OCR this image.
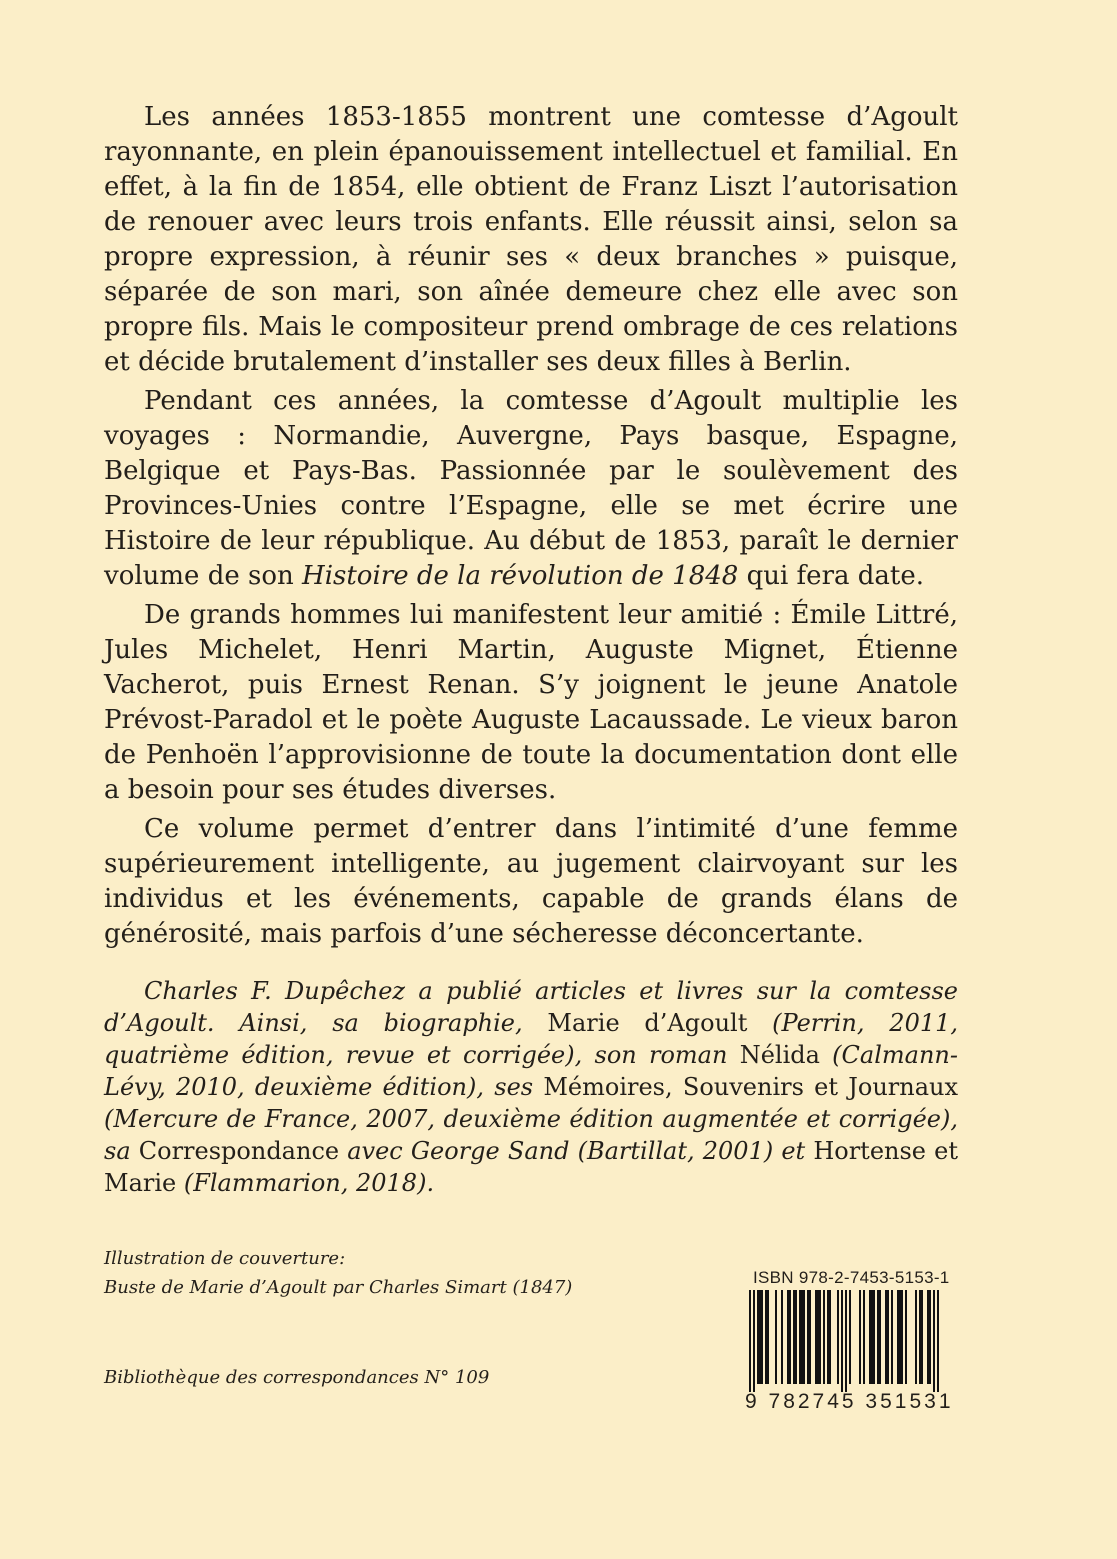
Les années 1853-1855 montrent une comtesse d’Agoult rayonnante, en plein épanouissement intellectuel et familial. En effet, à la fin de 1854, elle obtient de Franz Liszt l’autorisation de renouer avec leurs trois enfants. Elle réussit ainsi, selon sa propre expression, à réunir ses « deux branches » puisque, séparée de son mari, son aînée demeure chez elle avec son propre fils. Mais le compositeur prend ombrage de ces relations et décide brutalement d’installer ses deux filles à Berlin.

Pendant ces années, la comtesse d’Agoult multiplie les voyages : Normandie, Auvergne, Pays basque, Espagne, Belgique et Pays-Bas. Passionnée par le soulèvement des Provinces-Unies contre l’Espagne, elle se met écrire une Histoire de leur république. Au début de 1853, paraît le dernier volume de son Histoire de la révolution de 1848 qui fera date.

De grands hommes lui manifestent leur amitié : Émile Littré, Jules Michelet, Henri Martin, Auguste Mignet, Étienne Vacherot, puis Ernest Renan. S’y joignent le jeune Anatole Prévost-Paradol et le poète Auguste Lacaussade. Le vieux baron de Penhoën l’approvisionne de toute la documentation dont elle a besoin pour ses études diverses.

Ce volume permet d’entrer dans l’intimité d’une femme supérieurement intelligente, au jugement clairvoyant sur les individus et les événements, capable de grands élans de générosité, mais parfois d’une sécheresse déconcertante.

Charles F. Dupêchez a publié articles et livres sur la comtesse d’Agoult. Ainsi, sa biographie, Marie d’Agoult (Perrin, 2011, quatrième édition, revue et corrigée), son roman Nélida (Calmann-Lévy, 2010, deuxième édition), ses Mémoires, Souvenirs et Journaux (Mercure de France, 2007, deuxième édition augmentée et corrigée), sa Correspondance avec George Sand (Bartillat, 2001) et Hortense et Marie (Flammarion, 2018).

Illustration de couverture:
Buste de Marie d’Agoult par Charles Simart (1847)
Bibliothèque des correspondances N° 109
ISBN 978-2-7453-5153-1
9 782745 351531
